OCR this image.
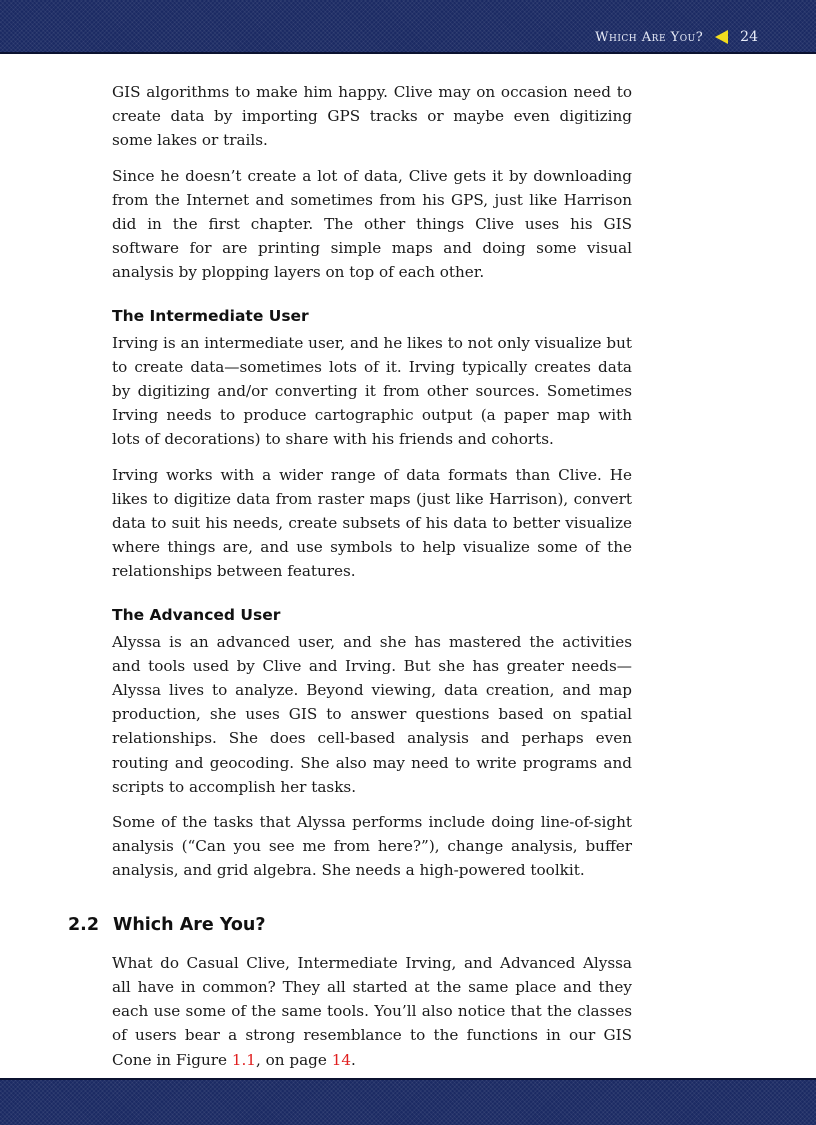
Which Are You?	24

GIS algorithms to make him happy. Clive may on occasion need to create data by importing GPS tracks or maybe even digitizing some lakes or trails.

Since he doesn’t create a lot of data, Clive gets it by downloading from the Internet and sometimes from his GPS, just like Harrison did in the first chapter. The other things Clive uses his GIS software for are printing simple maps and doing some visual analysis by plopping layers on top of each other.

The Intermediate User

Irving is an intermediate user, and he likes to not only visualize but to create data—sometimes lots of it. Irving typically creates data by digitizing and/or converting it from other sources. Sometimes Irving needs to produce cartographic output (a paper map with lots of decorations) to share with his friends and cohorts.

Irving works with a wider range of data formats than Clive. He likes to digitize data from raster maps (just like Harrison), convert data to suit his needs, create subsets of his data to better visualize where things are, and use symbols to help visualize some of the relationships between features.

The Advanced User

Alyssa is an advanced user, and she has mastered the activities and tools used by Clive and Irving. But she has greater needs—Alyssa lives to analyze. Beyond viewing, data creation, and map production, she uses GIS to answer questions based on spatial relationships. She does cell-based analysis and perhaps even routing and geocoding. She also may need to write programs and scripts to accomplish her tasks.

Some of the tasks that Alyssa performs include doing line-of-sight analysis (“Can you see me from here?”), change analysis, buffer analysis, and grid algebra. She needs a high-powered toolkit.

2.2 Which Are You?

What do Casual Clive, Intermediate Irving, and Advanced Alyssa all have in common? They all started at the same place and they each use some of the same tools. You’ll also notice that the classes of users bear a strong resemblance to the functions in our GIS Cone in Figure 1.1, on page 14.
